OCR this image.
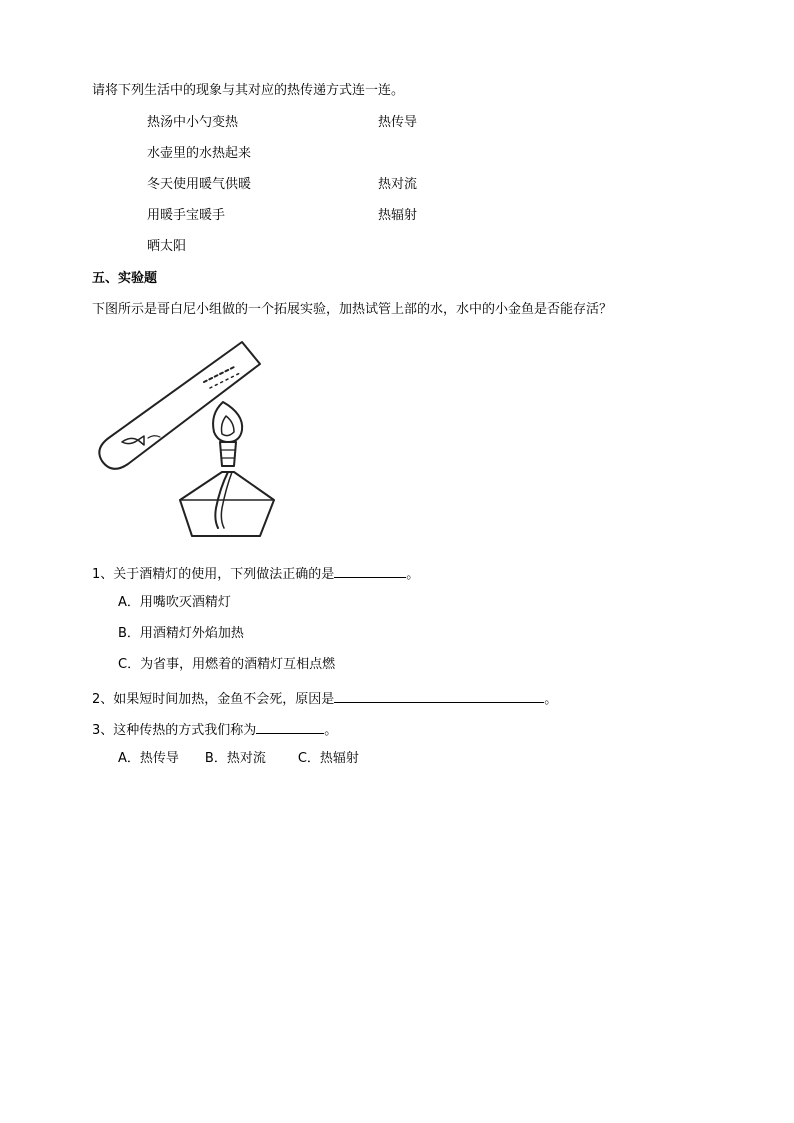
请将下列生活中的现象与其对应的热传递方式连一连。
热汤中小勺变热	热传导
水壶里的水热起来
冬天使用暖气供暖	热对流
用暖手宝暖手	热辐射
晒太阳
五、实验题
下图所示是哥白尼小组做的一个拓展实验，加热试管上部的水，水中的小金鱼是否能存活？
1、关于酒精灯的使用，下列做法正确的是	。
A．用嘴吹灭酒精灯
B．用酒精灯外焰加热
C．为省事，用燃着的酒精灯互相点燃
2、如果短时间加热，金鱼不会死，原因是	。
3、这种传热的方式我们称为	。
A．热传导 B．热对流 C．热辐射
